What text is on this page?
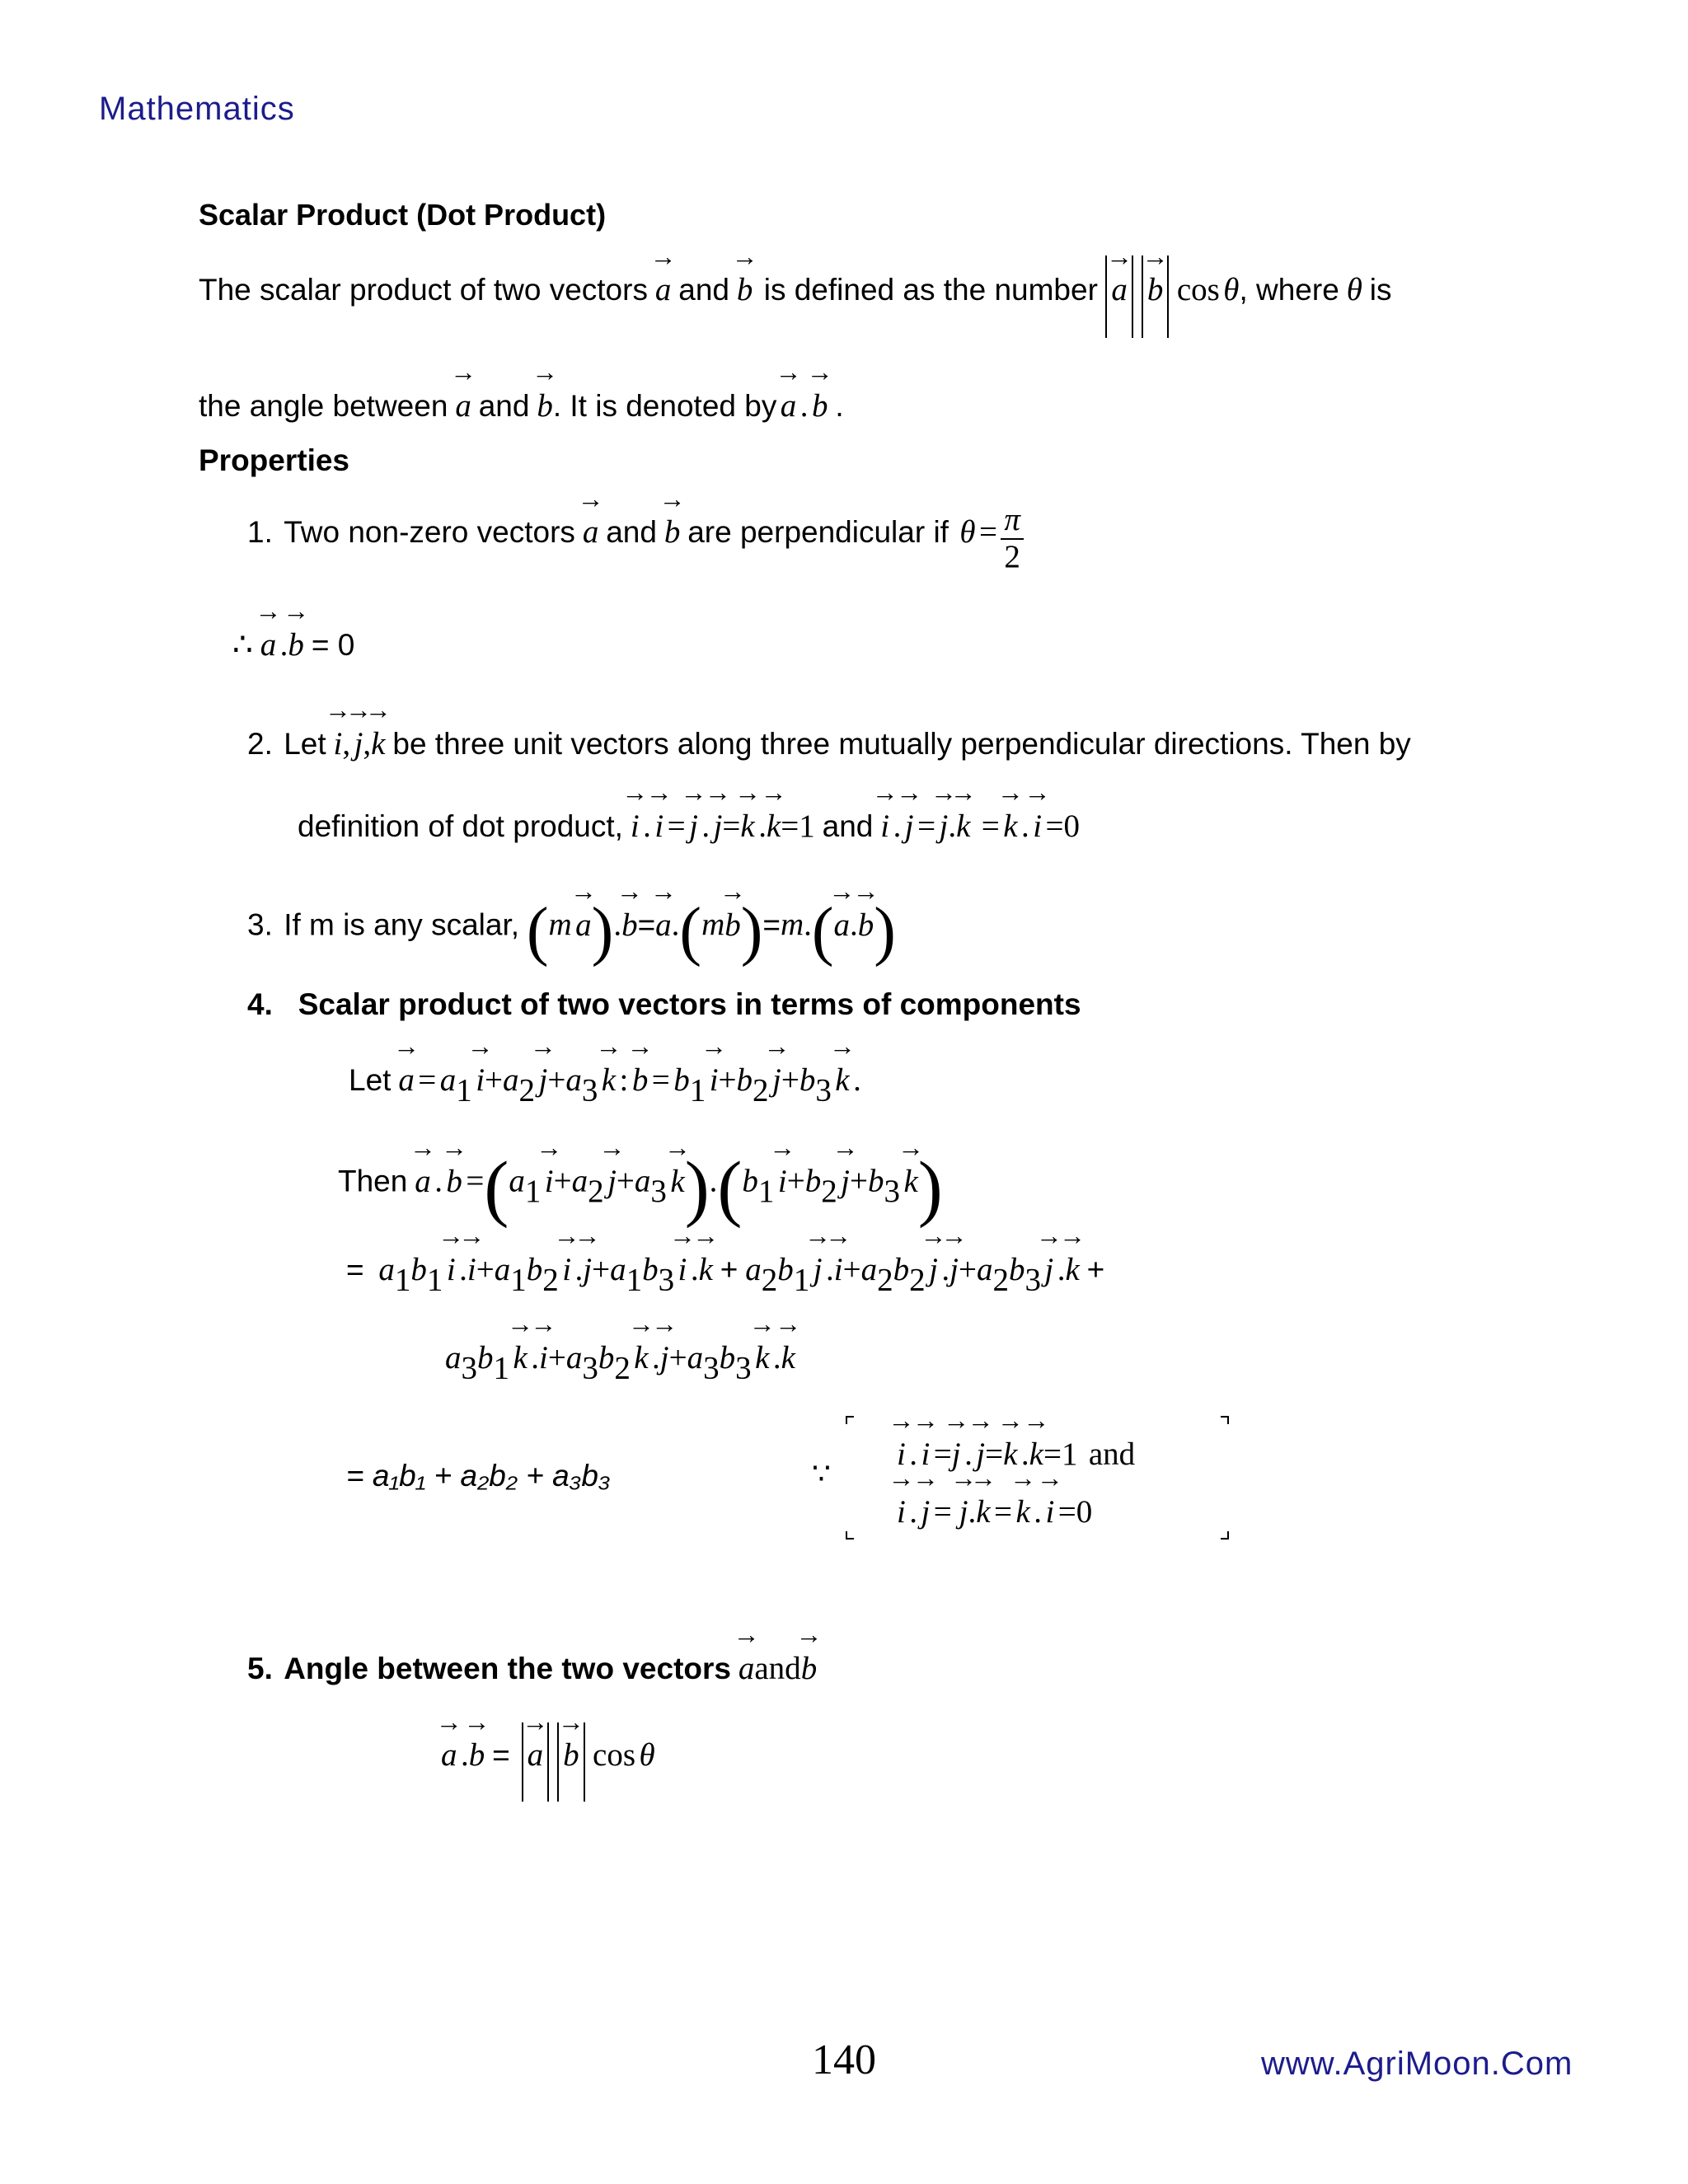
Mathematics
Scalar Product (Dot Product)
The scalar product of two vectors → a and → b is defined as the number → a → b cos θ, where θ is
the angle between → a and → b. It is denoted by → a . → b .
Properties
1. Two non-zero vectors → a and → b are perpendicular if $\theta = \frac{\pi}{2}$
∴ → a .→ b = 0
2. Let → i, → j,→ k be three unit vectors along three mutually perpendicular directions. Then by
definition of dot product, → i . → i = → j . → j=→ k .→ k=1 and → i . → j = → j.→ k = → k . → i =0
3. If m is any scalar, (m → a).→ b=→ a.(m→ b)=m.(→ a.→ b)
4. Scalar product of two vectors in terms of components
Let → $a = a_1 \to i+a_2 \to j+a_3 \to k$ : → $b = b_1 \to i+b_2 \to j+b_3 \to k$ .
Then → a . → $b =(a_1 \to i+a_2 \to j+a_3 \to k).(b_1 \to i+b_2 \to j+b_3 \to k)$
= $a_1b_1 \to i$ .→ $i+a_1b_2 \to i$ .→ $j+a_1b_3 \to i$ .→ $k + a_2b_1 \to j$ .→ $i+a_2b_2 \to j$ .→ $j+a_2b_3 \to j$ .→ k +
$a_3b_1 \to k$ .→ $i+a_3b_2 \to k$ .→ $j+a_3b_3 \to k$ .→ k
= a₁b₁ + a₂b₂ + a₃b₃	∵
→ i . → i =→ j . → j=→ k .→ k=1 and
→ i . → j = → j.→ k = → k . → i =0
5. Angle between the two vectors → aand→ b
→ a .→ b = → a → b cos θ
140	www.AgriMoon.Com
